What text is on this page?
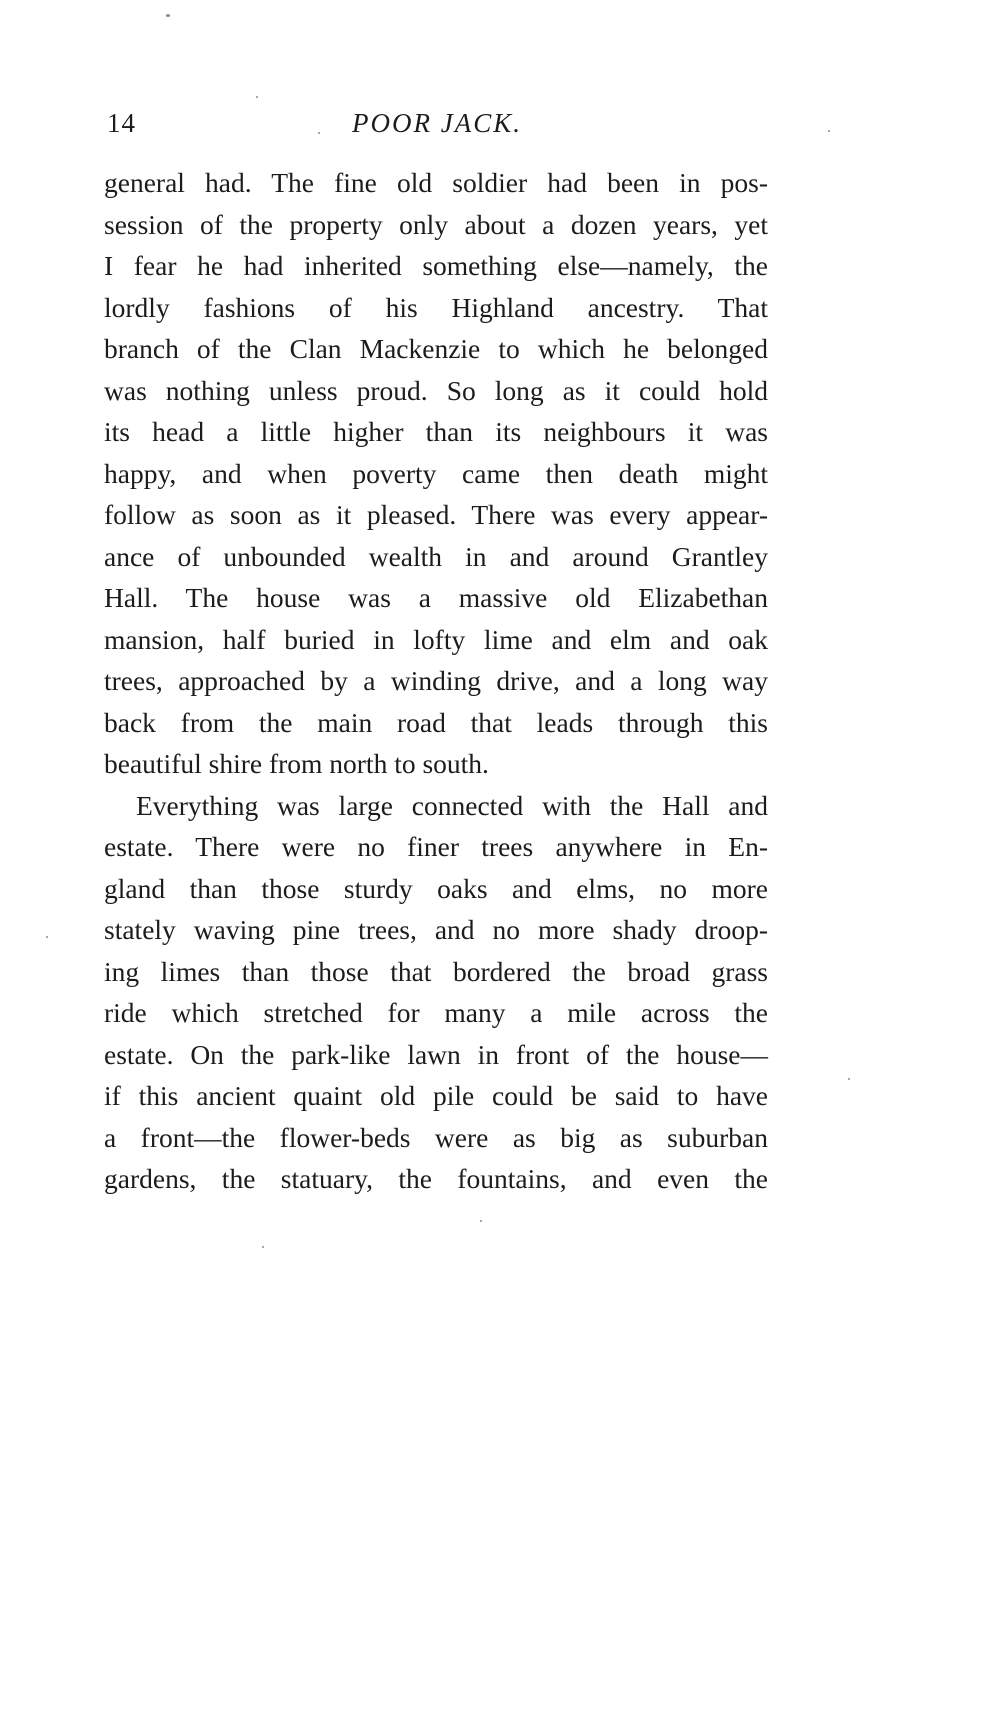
14	POOR JACK.
general had. The fine old soldier had been in pos-
session of the property only about a dozen years, yet
I fear he had inherited something else—namely, the
lordly fashions of his Highland ancestry. That
branch of the Clan Mackenzie to which he belonged
was nothing unless proud. So long as it could hold
its head a little higher than its neighbours it was
happy, and when poverty came then death might
follow as soon as it pleased. There was every appear-
ance of unbounded wealth in and around Grantley
Hall. The house was a massive old Elizabethan
mansion, half buried in lofty lime and elm and oak
trees, approached by a winding drive, and a long way
back from the main road that leads through this
beautiful shire from north to south.
Everything was large connected with the Hall and
estate. There were no finer trees anywhere in En-
gland than those sturdy oaks and elms, no more
stately waving pine trees, and no more shady droop-
ing limes than those that bordered the broad grass
ride which stretched for many a mile across the
estate. On the park-like lawn in front of the house—
if this ancient quaint old pile could be said to have
a front—the flower-beds were as big as suburban
gardens, the statuary, the fountains, and even the
